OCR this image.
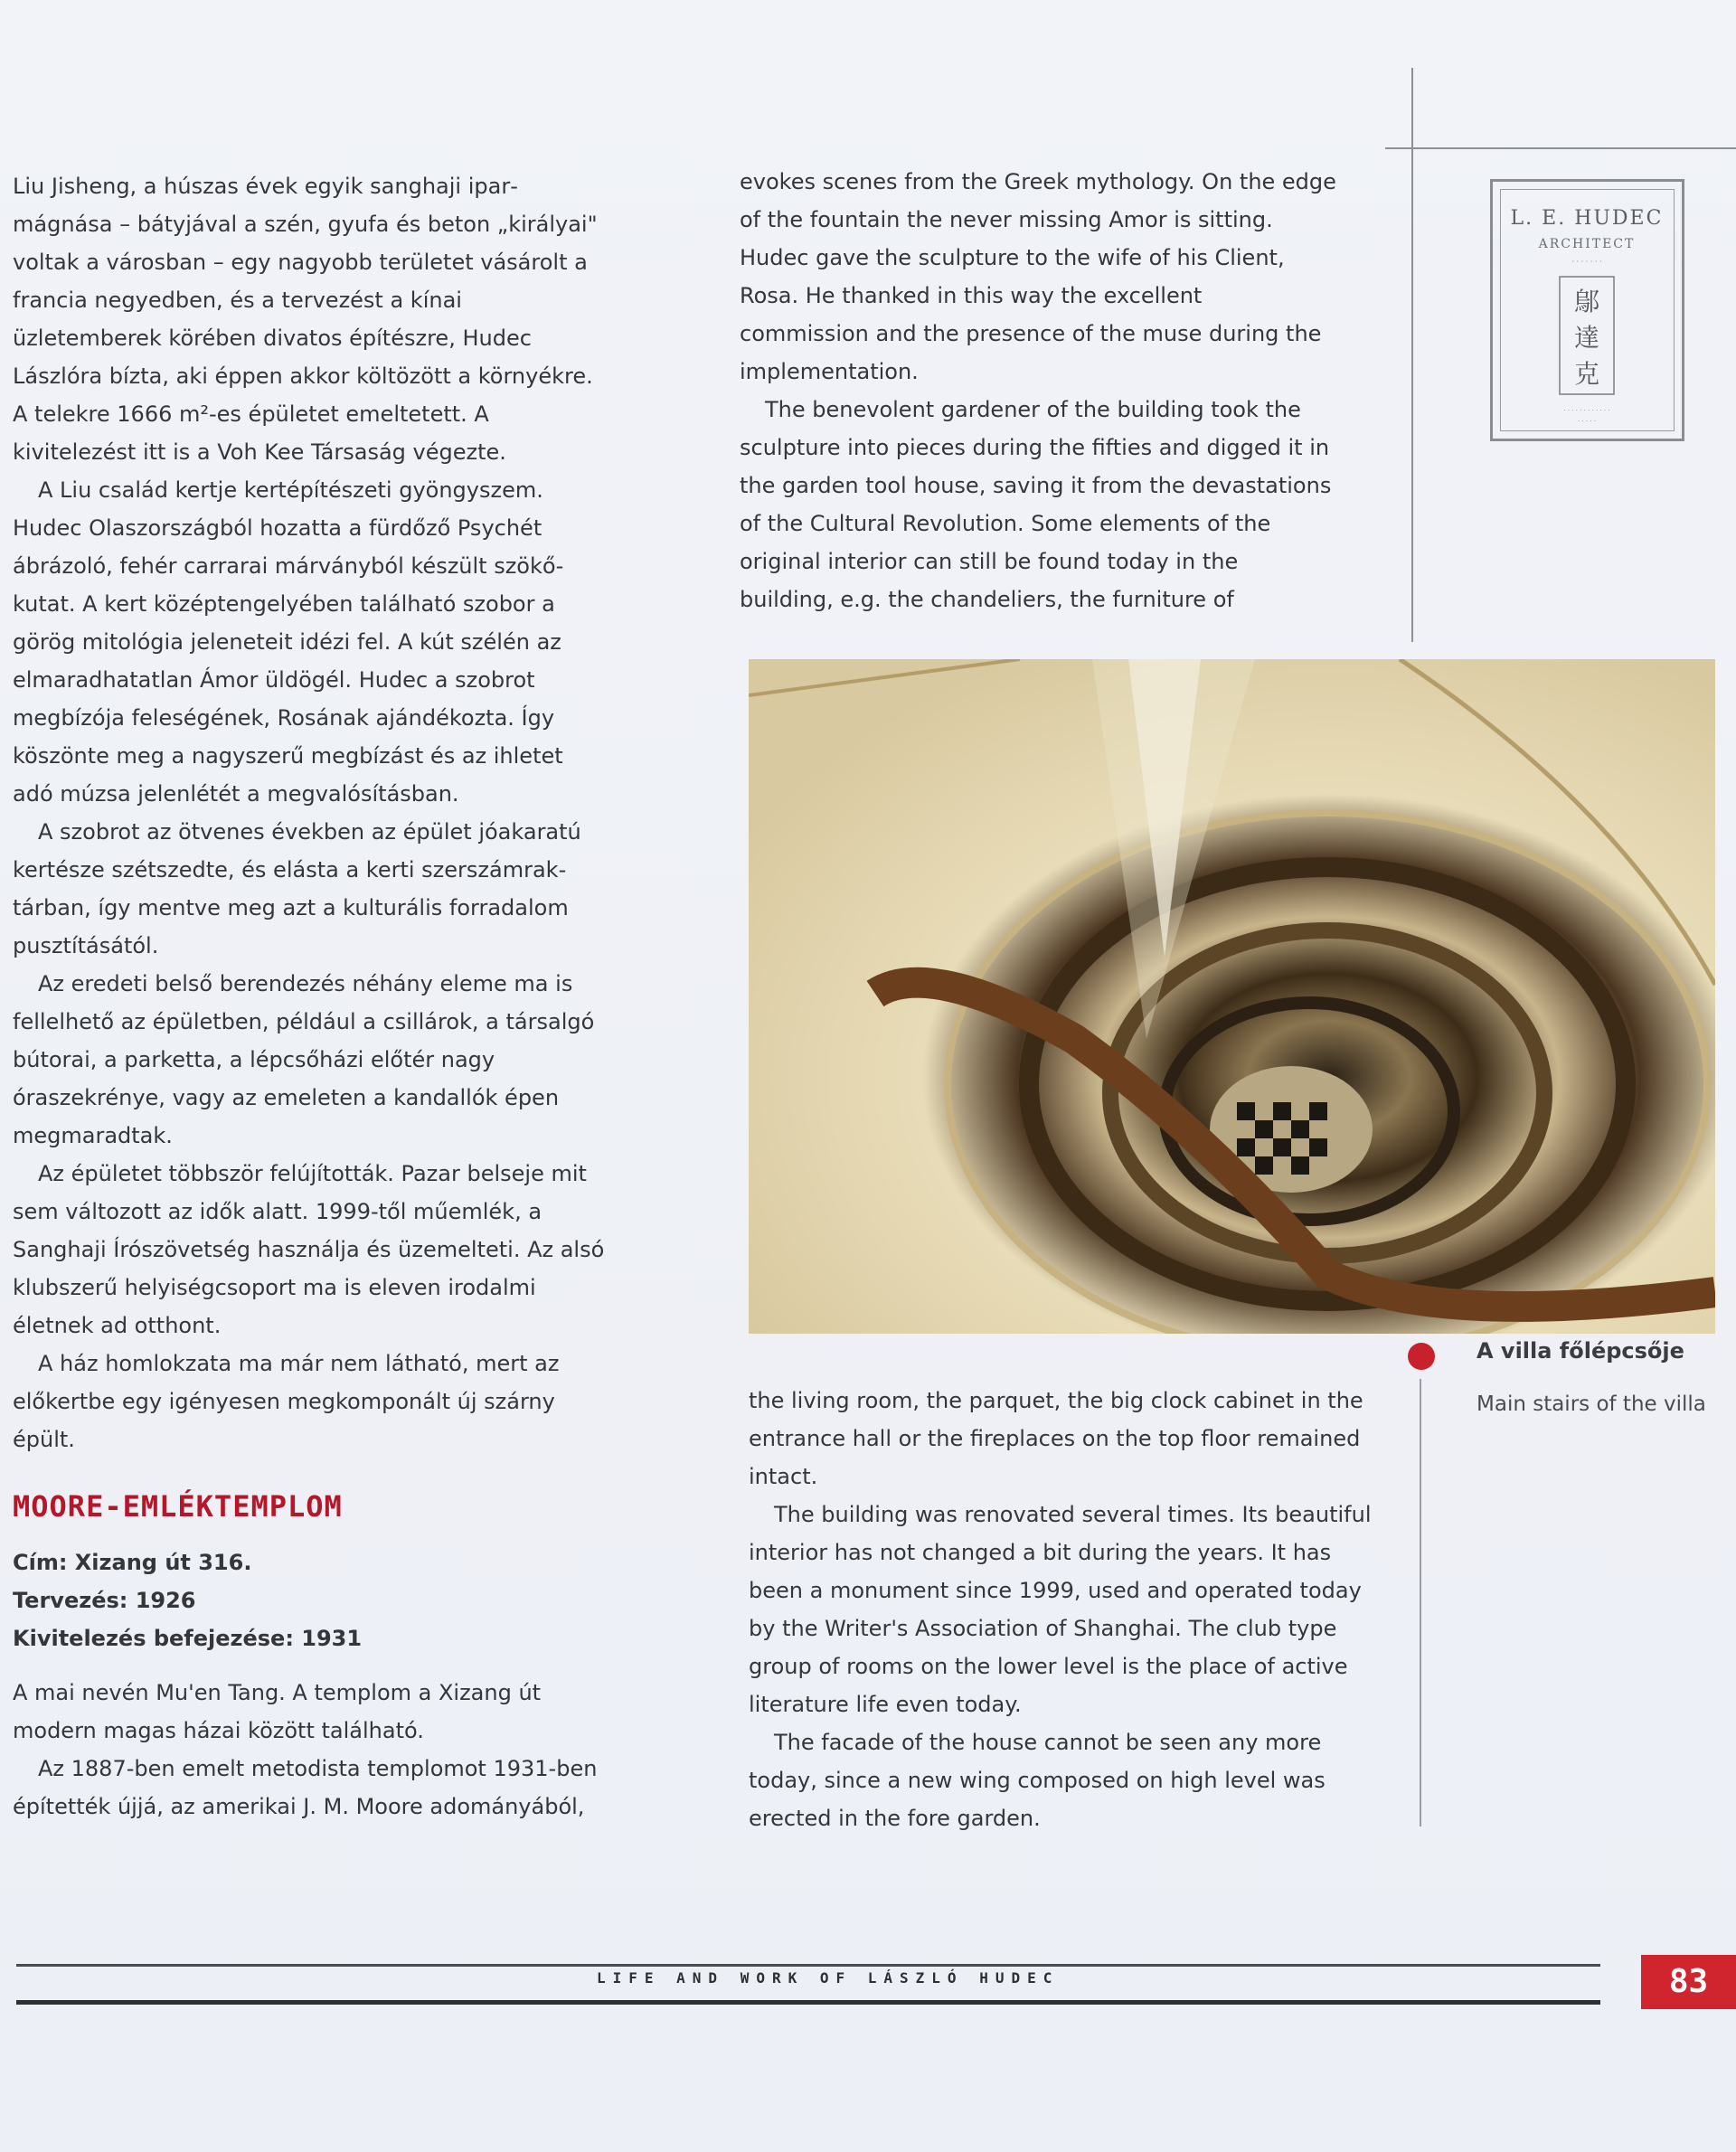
Liu Jisheng, a húszas évek egyik sanghaji iparmágnása – bátyjával a szén, gyufa és beton „királyai" voltak a városban – egy nagyobb területet vásárolt a francia negyedben, és a tervezést a kínai üzletemberek körében divatos építészre, Hudec Lászlóra bízta, aki éppen akkor költözött a környékre. A telekre 1666 m²-es épületet emeltetett. A kivitelezést itt is a Voh Kee Társaság végezte.

A Liu család kertje kertépítészeti gyöngyszem. Hudec Olaszországból hozatta a fürdőző Psychét ábrázoló, fehér carrarai márványból készült szökőkutat. A kert középtengelyében található szobor a görög mitológia jeleneteit idézi fel. A kút szélén az elmaradhatatlan Ámor üldögél. Hudec a szobrot megbízója feleségének, Rosának ajándékozta. Így köszönte meg a nagyszerű megbízást és az ihletet adó múzsa jelenlétét a megvalósításban.

A szobrot az ötvenes években az épület jóakaratú kertésze szétszedte, és elásta a kerti szerszámraktárban, így mentve meg azt a kulturális forradalom pusztításától.

Az eredeti belső berendezés néhány eleme ma is fellelhető az épületben, például a csillárok, a társalgó bútorai, a parketta, a lépcsőházi előtér nagy óraszekrénye, vagy az emeleten a kandallók épen megmaradtak.

Az épületet többször felújították. Pazar belseje mit sem változott az idők alatt. 1999-től műemlék, a Sanghaji Írószövetség használja és üzemelteti. Az alsó klubszerű helyiségcsoport ma is eleven irodalmi életnek ad otthont.

A ház homlokzata ma már nem látható, mert az előkertbe egy igényesen megkomponált új szárny épült.

MOORE-EMLÉKTEMPLOM
Cím: Xizang út 316.
Tervezés: 1926
Kivitelezés befejezése: 1931

A mai nevén Mu'en Tang. A templom a Xizang út modern magas házai között található.

Az 1887-ben emelt metodista templomot 1931-ben építették újjá, az amerikai J. M. Moore adományából,

evokes scenes from the Greek mythology. On the edge of the fountain the never missing Amor is sitting. Hudec gave the sculpture to the wife of his Client, Rosa. He thanked in this way the excellent commission and the presence of the muse during the implementation.

The benevolent gardener of the building took the sculpture into pieces during the fifties and digged it in the garden tool house, saving it from the devastations of the Cultural Revolution. Some elements of the original interior can still be found today in the building, e.g. the chandeliers, the furniture of

the living room, the parquet, the big clock cabinet in the entrance hall or the fireplaces on the top floor remained intact.

The building was renovated several times. Its beautiful interior has not changed a bit during the years. It has been a monument since 1999, used and operated today by the Writer's Association of Shanghai. The club type group of rooms on the lower level is the place of active literature life even today.

The facade of the house cannot be seen any more today, since a new wing composed on high level was erected in the fore garden.

L. E. HUDEC
ARCHITECT
· · · · · · ·
鄔
達
克
· · · · · · · · · · · ·
· · · · ·
A villa főlépcsője
Main stairs of the villa
LIFE AND WORK OF LÁSZLÓ HUDEC	83
